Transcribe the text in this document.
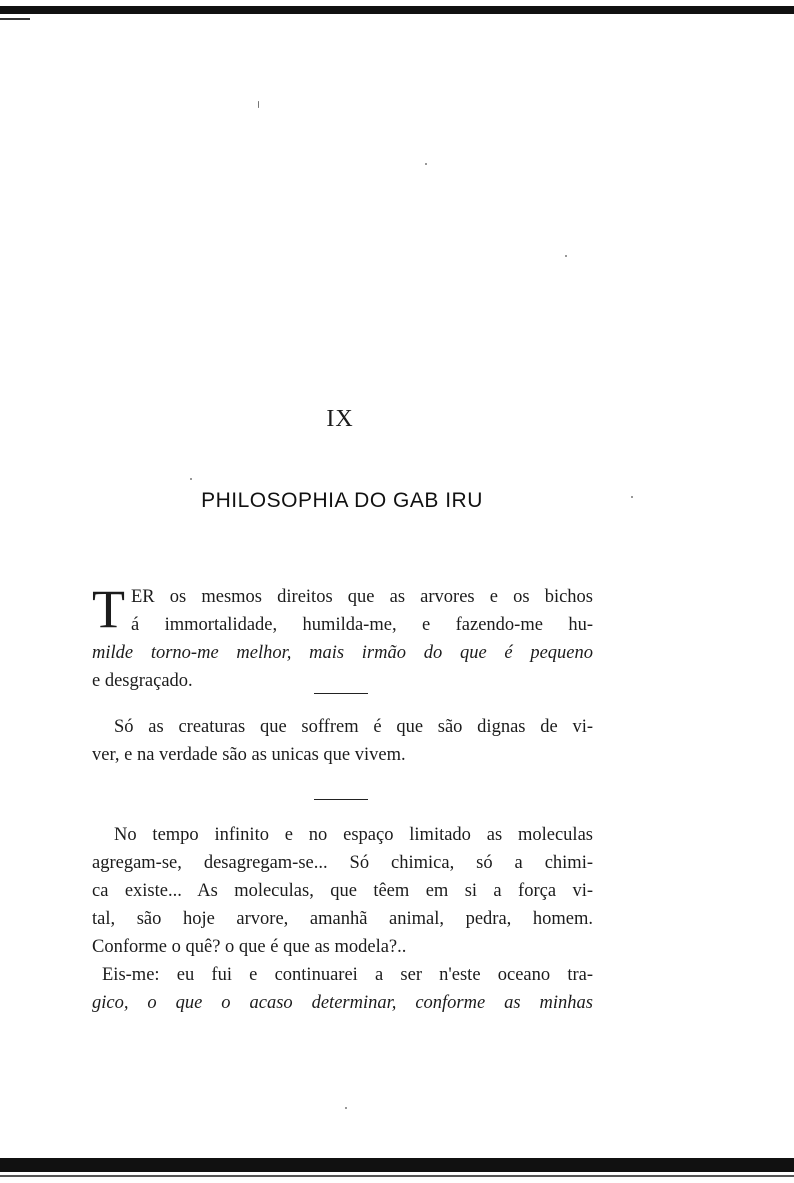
IX
PHILOSOPHIA DO GAB IRU
T ER os mesmos direitos que as arvores e os bichos
á immortalidade, humilda-me, e fazendo-me hu-
milde torno-me melhor, mais irmão do que é pequeno
e desgraçado.
Só as creaturas que soffrem é que são dignas de vi-
ver, e na verdade são as unicas que vivem.
No tempo infinito e no espaço limitado as moleculas
agregam-se, desagregam-se... Só chimica, só a chimi-
ca existe... As moleculas, que têem em si a força vi-
tal, são hoje arvore, amanhã animal, pedra, homem.
Conforme o quê? o que é que as modela?..
Eis-me: eu fui e continuarei a ser n'este oceano tra-
gico, o que o acaso determinar, conforme as minhas
